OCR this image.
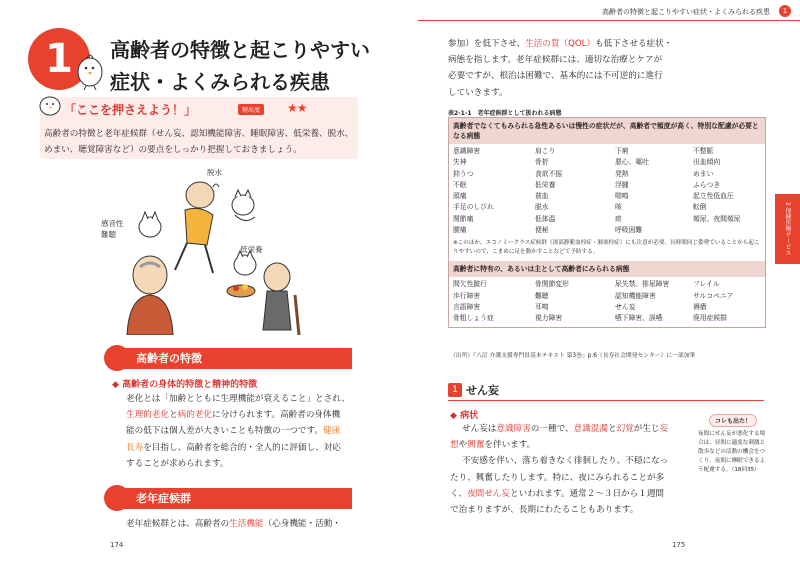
1 高齢者の特徴と起こりやすい
症状・よくみられる疾患
「ここを押さえよう！」	頻出度	★★
高齢者の特徴と老年症候群（せん妄、認知機能障害、睡眠障害、低栄養、脱水、めまい、聴覚障害など）の要点をしっかり把握しておきましょう。
脱水
感音性
難聴
低栄養
高齢者の特徴
◆ 高齢者の身体的特徴と精神的特徴
老化とは「加齢とともに生理機能が衰えること」とされ、
生理的老化と病的老化に分けられます。高齢者の身体機
能の低下は個人差が大きいことも特徴の一つです。健康
長寿を目指し、高齢者を総合的・全人的に評価し、対応
することが求められます。
老年症候群
老年症候群とは、高齢者の生活機能（心身機能・活動・
174
高齢者の特徴と起こりやすい症状・よくみられる疾患	1
2 保健医療サービス
参加）を低下させ、生活の質（QOL）も低下させる症状・
病態を指します。老年症候群には、適切な治療とケアが
必要ですが、根治は困難で、基本的には不可逆的に進行
していきます。
表2-1-1　老年症候群として扱われる病態
高齢者でなくてもみられる急性あるいは慢性の症状だが、高齢者で頻度が高く、特別な配慮が必要となる病態
意識障害	肩こり	下痢	不整脈
失神	骨折	悪心、嘔吐	出血傾向
抑うつ	食欲不振	発熱	めまい
不眠	低栄養	浮腫	ふらつき
頭痛	貧血	喘鳴	起立性低血圧
手足のしびれ	脱水	咳	転倒
関節痛	低体温	痰	頻尿、夜間頻尿
腰痛	便秘	呼吸困難
※このほか、エコノミークラス症候群（深部静脈血栓症・肺塞栓症）にも注意が必要。長時間同じ姿勢でいることから起こりやすいので、こまめに足を動かすことなどで予防する。
高齢者に特有の、あるいは主として高齢者にみられる病態
間欠性跛行	骨関節変形	尿失禁、排尿障害	フレイル
歩行障害	難聴	認知機能障害	サルコペニア
言語障害	耳鳴	せん妄	褥瘡
骨粗しょう症	視力障害	嚥下障害、誤嚥	廃用症候群
（出所）『八訂 介護支援専門員基本テキスト 第3巻』p.6（長寿社会開発センター）に一部加筆
1 せん妄
◆ 病状
せん妄は意識障害の一種で、意識混濁と幻覚が生じ妄
想や興奮を伴います。
不安感を伴い、落ち着きなく徘徊したり、不穏になっ
たり、興奮したりします。特に、夜にみられることが多
く、夜間せん妄といわれます。通常２～３日から１週間
で治まりますが、長期にわたることもあります。
コレも出た！
夜間にせん妄が悪化する場合は、昼間に適度な刺激と散歩などの活動の機会をつくり、夜間に睡眠できるよう配慮する。（18回35）
175
